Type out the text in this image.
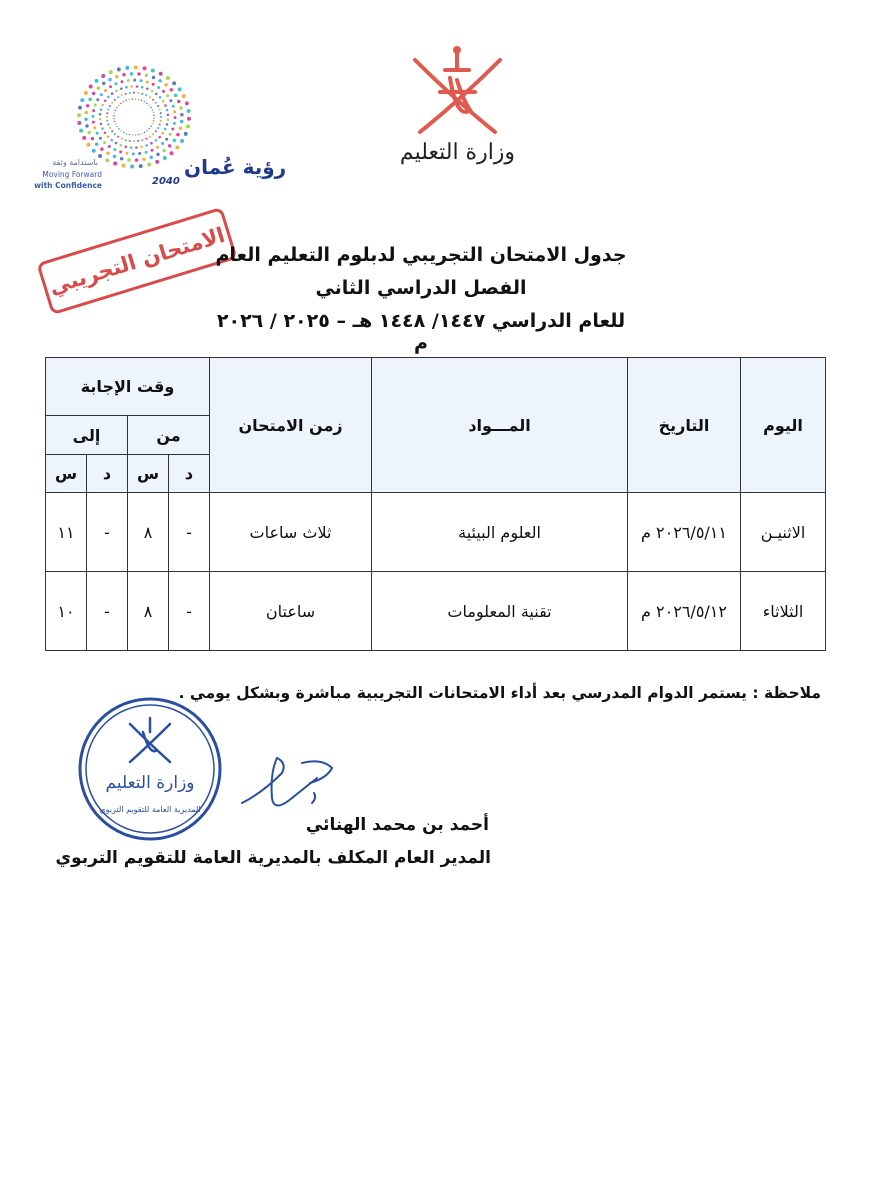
رؤية عُمان
2040
باستدامة وثقة
Moving Forward
with Confidence
وزارة التعليم
الامتحان التجريبي
جدول الامتحان التجريبي لدبلوم التعليم العام
الفصل الدراسي الثاني
للعام الدراسي ١٤٤٧/ ١٤٤٨ هـ – ٢٠٢٥ / ٢٠٢٦ م
اليوم	التاريخ	المـــواد	زمن الامتحان	وقت الإجابة			
				من		إلى	
				د	س	د	س
الاثنيـن	٢٠٢٦/٥/١١ م	العلوم البيئية	ثلاث ساعات	-	٨	-	١١
الثلاثاء	٢٠٢٦/٥/١٢ م	تقنية المعلومات	ساعتان	-	٨	-	١٠
ملاحظة : يستمر الدوام المدرسي بعد أداء الامتحانات التجريبية مباشرة وبشكل يومي .
وزارة التعليم
المديرية العامة للتقويم التربوي
أحمد بن محمد الهنائي
المدير العام المكلف بالمديرية العامة للتقويم التربوي
